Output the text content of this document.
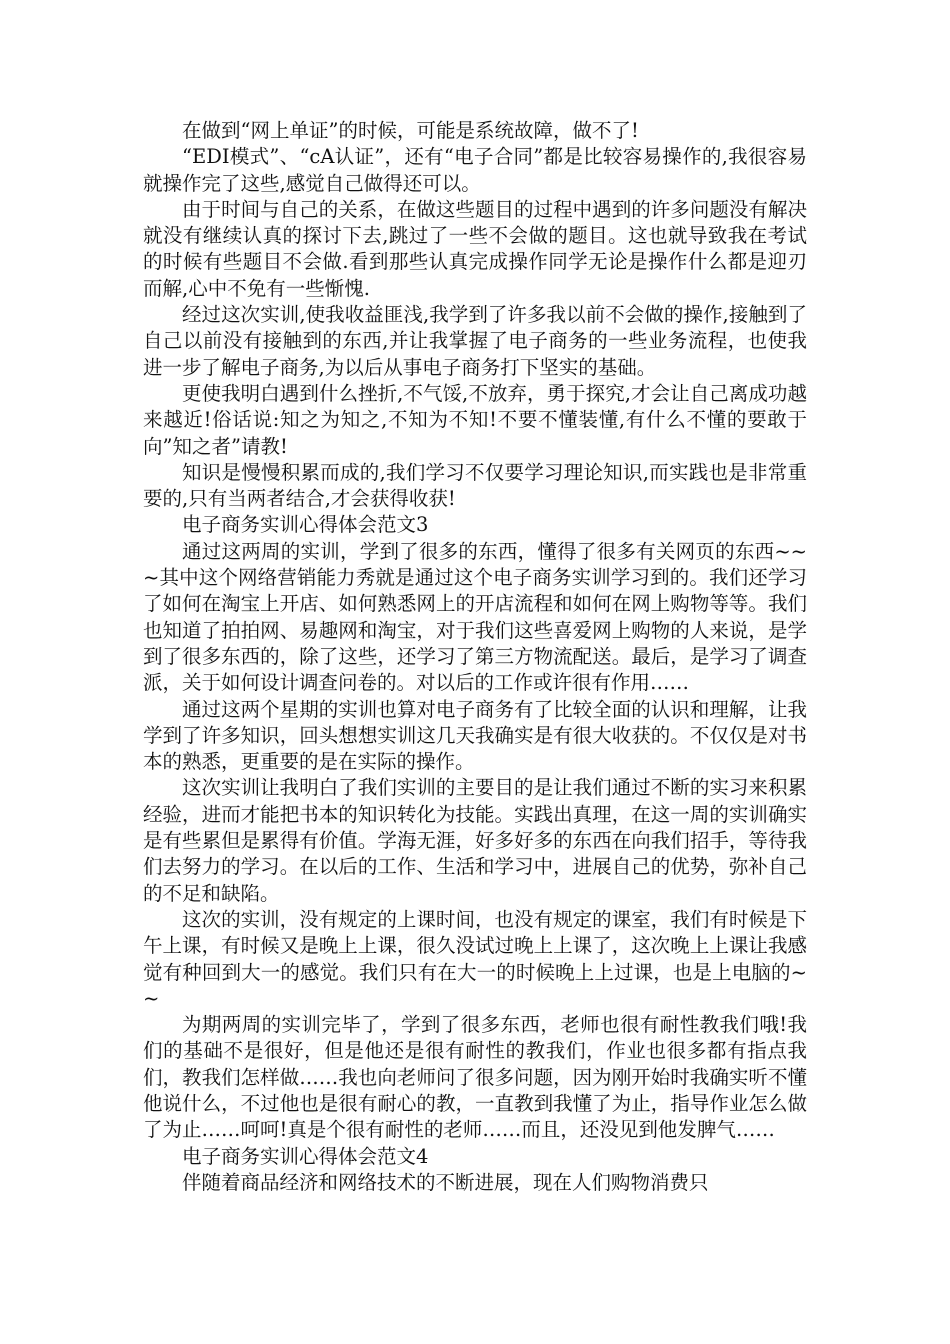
在做到“网上单证”的时候，可能是系统故障，做不了!

“EDI模式”、“cA认证”，还有“电子合同”都是比较容易操作的,我很容易就操作完了这些,感觉自己做得还可以。

由于时间与自己的关系，在做这些题目的过程中遇到的许多问题没有解决就没有继续认真的探讨下去,跳过了一些不会做的题目。这也就导致我在考试的时候有些题目不会做.看到那些认真完成操作同学无论是操作什么都是迎刃而解,心中不免有一些惭愧.

经过这次实训,使我收益匪浅,我学到了许多我以前不会做的操作,接触到了自己以前没有接触到的东西,并让我掌握了电子商务的一些业务流程，也使我进一步了解电子商务,为以后从事电子商务打下坚实的基础。

更使我明白遇到什么挫折,不气馁,不放弃，勇于探究,才会让自己离成功越来越近!俗话说:知之为知之,不知为不知!不要不懂装懂,有什么不懂的要敢于向”知之者”请教!

知识是慢慢积累而成的,我们学习不仅要学习理论知识,而实践也是非常重要的,只有当两者结合,才会获得收获!

电子商务实训心得体会范文3

通过这两周的实训，学到了很多的东西，懂得了很多有关网页的东西~~~其中这个网络营销能力秀就是通过这个电子商务实训学习到的。我们还学习了如何在淘宝上开店、如何熟悉网上的开店流程和如何在网上购物等等。我们也知道了拍拍网、易趣网和淘宝，对于我们这些喜爱网上购物的人来说，是学到了很多东西的，除了这些，还学习了第三方物流配送。最后，是学习了调查派，关于如何设计调查问卷的。对以后的工作或许很有作用……

通过这两个星期的实训也算对电子商务有了比较全面的认识和理解，让我学到了许多知识，回头想想实训这几天我确实是有很大收获的。不仅仅是对书本的熟悉，更重要的是在实际的操作。

这次实训让我明白了我们实训的主要目的是让我们通过不断的实习来积累经验，进而才能把书本的知识转化为技能。实践出真理，在这一周的实训确实是有些累但是累得有价值。学海无涯，好多好多的东西在向我们招手，等待我们去努力的学习。在以后的工作、生活和学习中，进展自己的优势，弥补自己的不足和缺陷。

这次的实训，没有规定的上课时间，也没有规定的课室，我们有时候是下午上课，有时候又是晚上上课，很久没试过晚上上课了，这次晚上上课让我感觉有种回到大一的感觉。我们只有在大一的时候晚上上过课，也是上电脑的~~

为期两周的实训完毕了，学到了很多东西，老师也很有耐性教我们哦!我们的基础不是很好，但是他还是很有耐性的教我们，作业也很多都有指点我们，教我们怎样做……我也向老师问了很多问题，因为刚开始时我确实听不懂他说什么，不过他也是很有耐心的教，一直教到我懂了为止，指导作业怎么做了为止……呵呵!真是个很有耐性的老师……而且，还没见到他发脾气……

电子商务实训心得体会范文4

伴随着商品经济和网络技术的不断进展，现在人们购物消费只
